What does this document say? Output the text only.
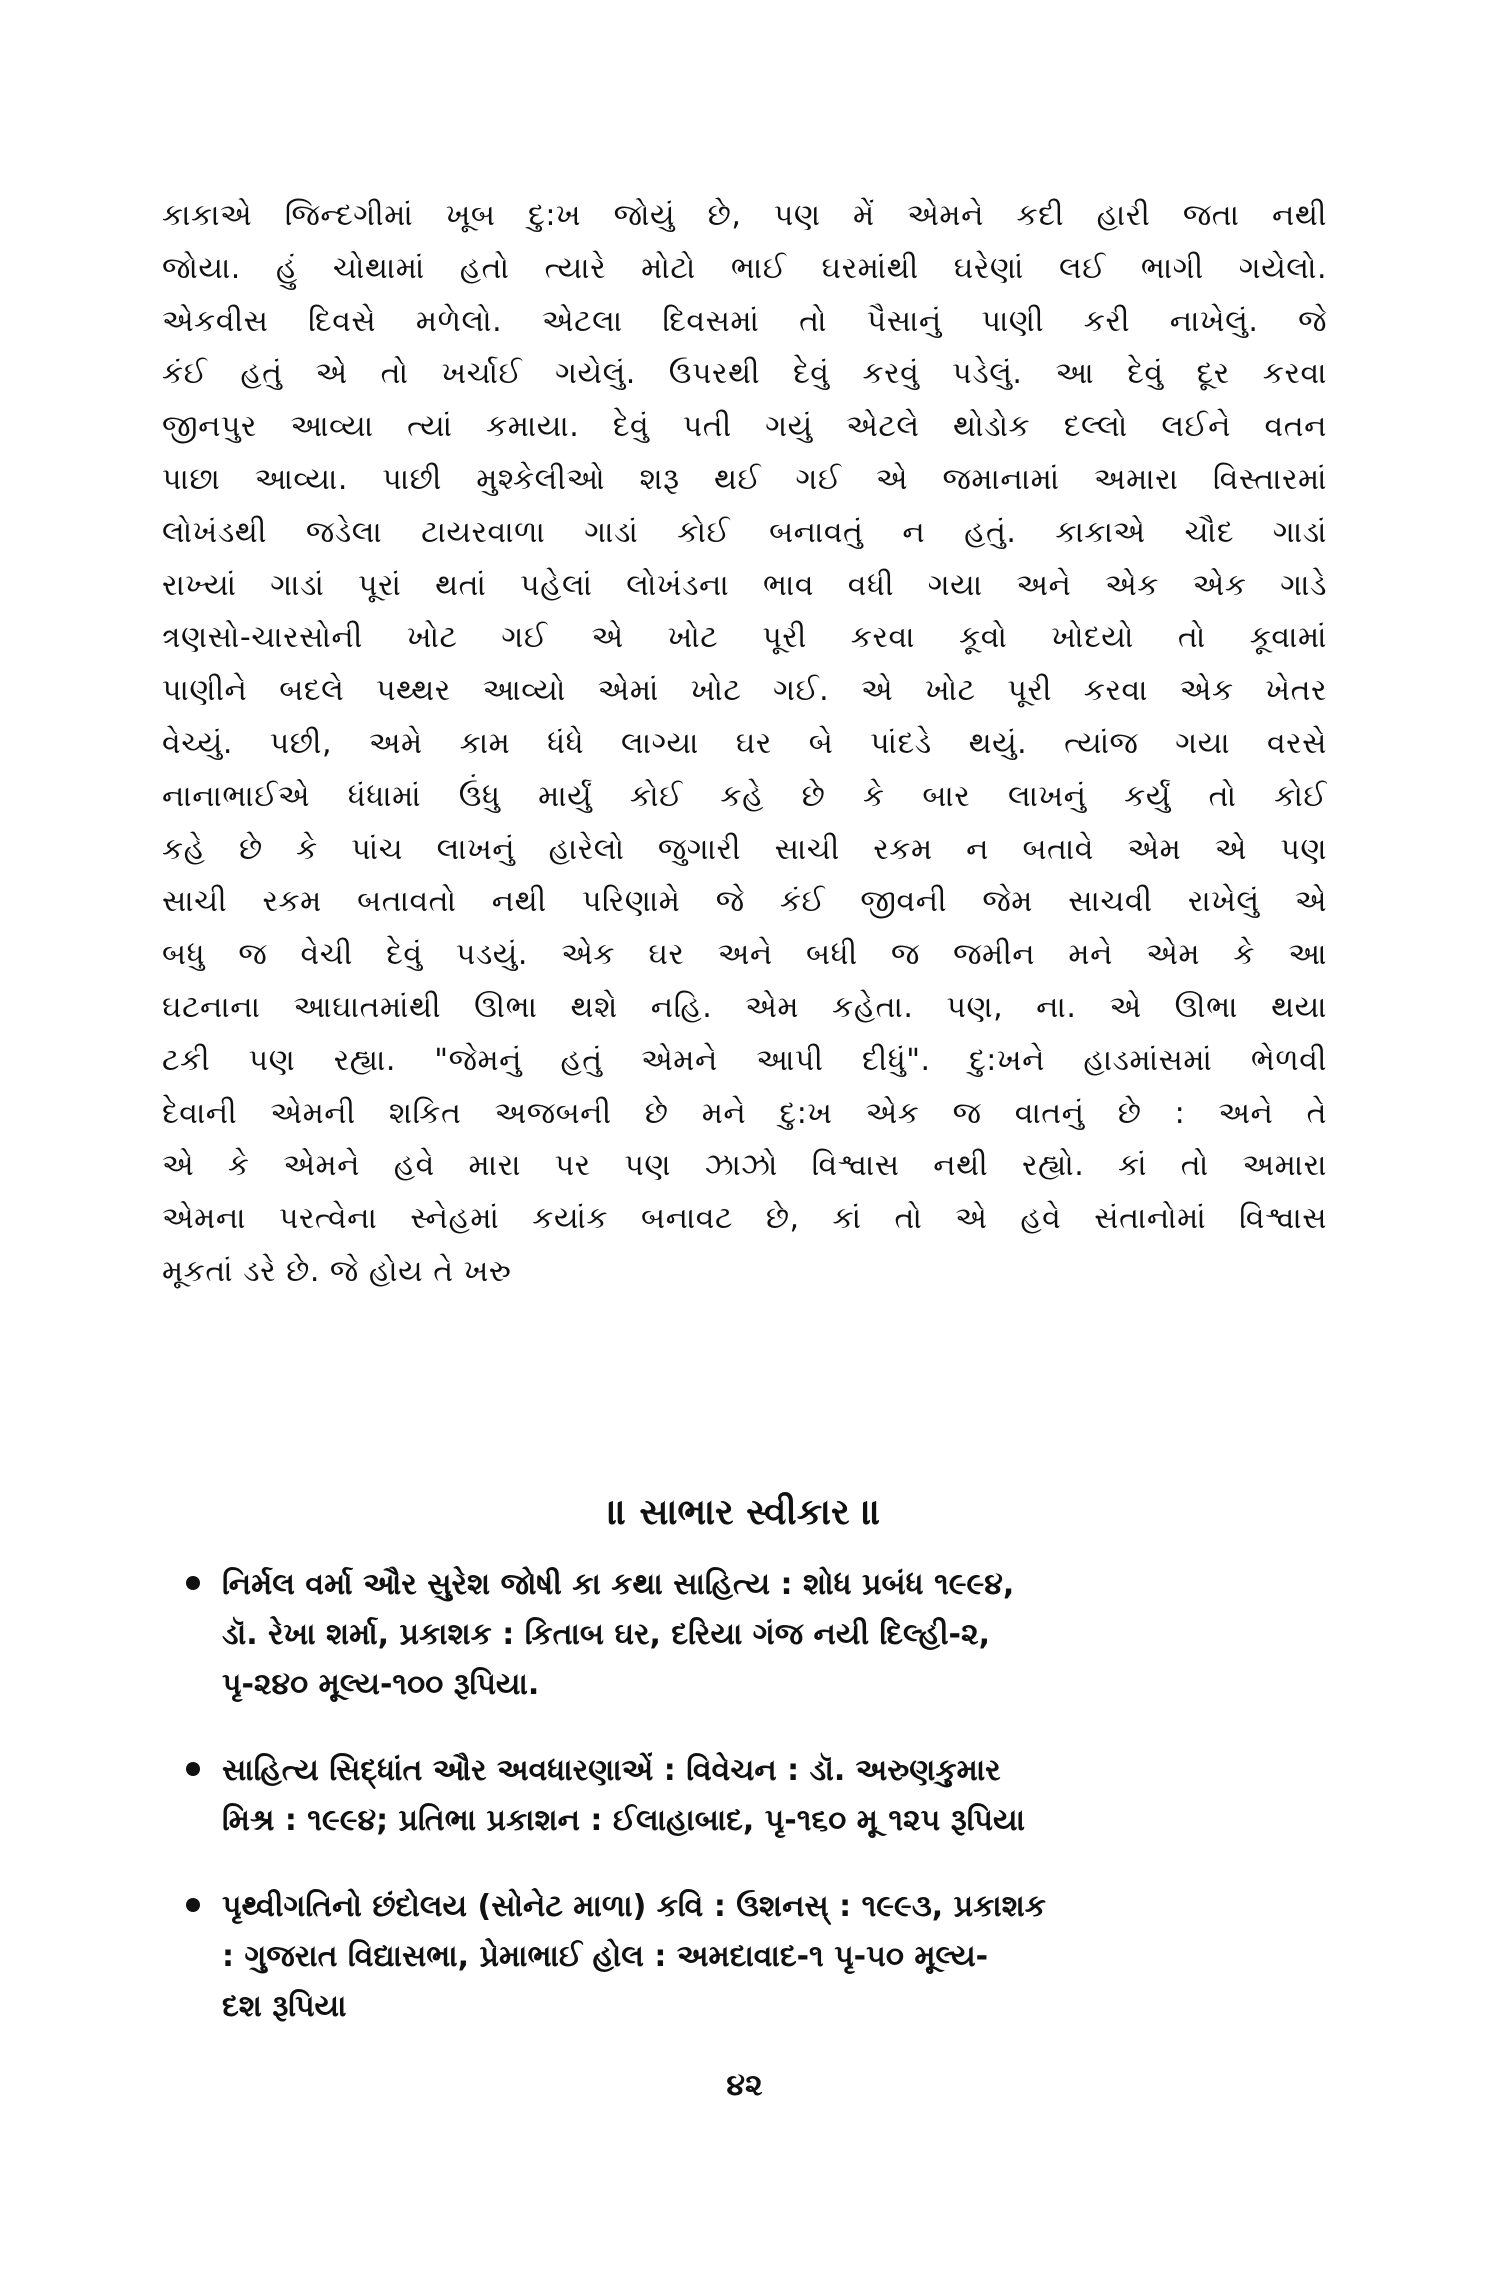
કાકાએ જિન્દગીમાં ખૂબ દુ:ખ જોયું છે, પણ મેં એમને કદી હારી જતા નથી
જોયા. હું ચોથામાં હતો ત્યારે મોટો ભાઈ ઘરમાંથી ઘરેણાં લઈ ભાગી ગયેલો.
એકવીસ દિવસે મળેલો. એટલા દિવસમાં તો પૈસાનું પાણી કરી નાખેલું. જે
કંઈ હતું એ તો ખર્ચાઈ ગયેલું. ઉપરથી દેવું કરવું પડેલું. આ દેવું દૂર કરવા
જીનપુર આવ્યા ત્યાં કમાયા. દેવું પતી ગયું એટલે થોડોક દલ્લો લઈને વતન
પાછા આવ્યા. પાછી મુશ્કેલીઓ શરૂ થઈ ગઈ એ જમાનામાં અમારા વિસ્તારમાં
લોખંડથી જડેલા ટાયરવાળા ગાડાં કોઈ બનાવતું ન હતું. કાકાએ ચૌદ ગાડાં
રાખ્યાં ગાડાં પૂરાં થતાં પહેલાં લોખંડના ભાવ વધી ગયા અને એક એક ગાડે
ત્રણસો-ચારસોની ખોટ ગઈ એ ખોટ પૂરી કરવા કૂવો ખોદયો તો કૂવામાં
પાણીને બદલે પથ્થર આવ્યો એમાં ખોટ ગઈ. એ ખોટ પૂરી કરવા એક ખેતર
વેચ્યું. પછી, અમે કામ ધંધે લાગ્યા ઘર બે પાંદડે થયું. ત્યાંજ ગયા વરસે
નાનાભાઈએ ધંધામાં ઉંધુ માર્યું કોઈ કહે છે કે બાર લાખનું કર્યું તો કોઈ
કહે છે કે પાંચ લાખનું હારેલો જુગારી સાચી રકમ ન બતાવે એમ એ પણ
સાચી રકમ બતાવતો નથી પરિણામે જે કંઈ જીવની જેમ સાચવી રાખેલું એ
બધુ જ વેચી દેવું પડયું. એક ઘર અને બધી જ જમીન મને એમ કે આ
ઘટનાના આઘાતમાંથી ઊભા થશે નહિ. એમ કહેતા. પણ, ના. એ ઊભા થયા
ટકી પણ રહ્યા. "જેમનું હતું એમને આપી દીધું". દુ:ખને હાડમાંસમાં ભેળવી
દેવાની એમની શકિત અજબની છે મને દુ:ખ એક જ વાતનું છે : અને તે
એ કે એમને હવે મારા પર પણ ઝાઝો વિશ્વાસ નથી રહ્યો. કાં તો અમારા
એમના પરત્વેના સ્નેહમાં કયાંક બનાવટ છે, કાં તો એ હવે સંતાનોમાં વિશ્વાસ
મૂકતાં ડરે છે. જે હોય તે ખરુ
॥ સાભાર સ્વીકાર ॥
નિર્મલ વર્મા ઔર સુરેશ જોષી કા કથા સાહિત્ય : શોધ પ્રબંધ ૧૯૯૪,
ડૉ. રેખા શર્મા, પ્રકાશક : કિતાબ ઘર, દરિયા ગંજ નયી દિલ્હી-૨,
પૃ-૨૪૦ મૂલ્ય-૧૦૦ રૂપિયા.
સાહિત્ય સિદ્ધાંત ઔર અવધારણાએં : વિવેચન : ડૉ. અરુણકુમાર
મિશ્ર : ૧૯૯૪; પ્રતિભા પ્રકાશન : ઈલાહાબાદ, પૃ-૧૬૦ મૂ ૧૨૫ રૂપિયા
પૃથ્વીગતિનો છંદોલય (સોનેટ માળા) કવિ : ઉશનસ્ : ૧૯૯૩, પ્રકાશક
: ગુજરાત વિદ્યાસભા, પ્રેમાભાઈ હોલ : અમદાવાદ-૧ પૃ-૫૦ મૂલ્ય-
દશ રૂપિયા
૪૨
